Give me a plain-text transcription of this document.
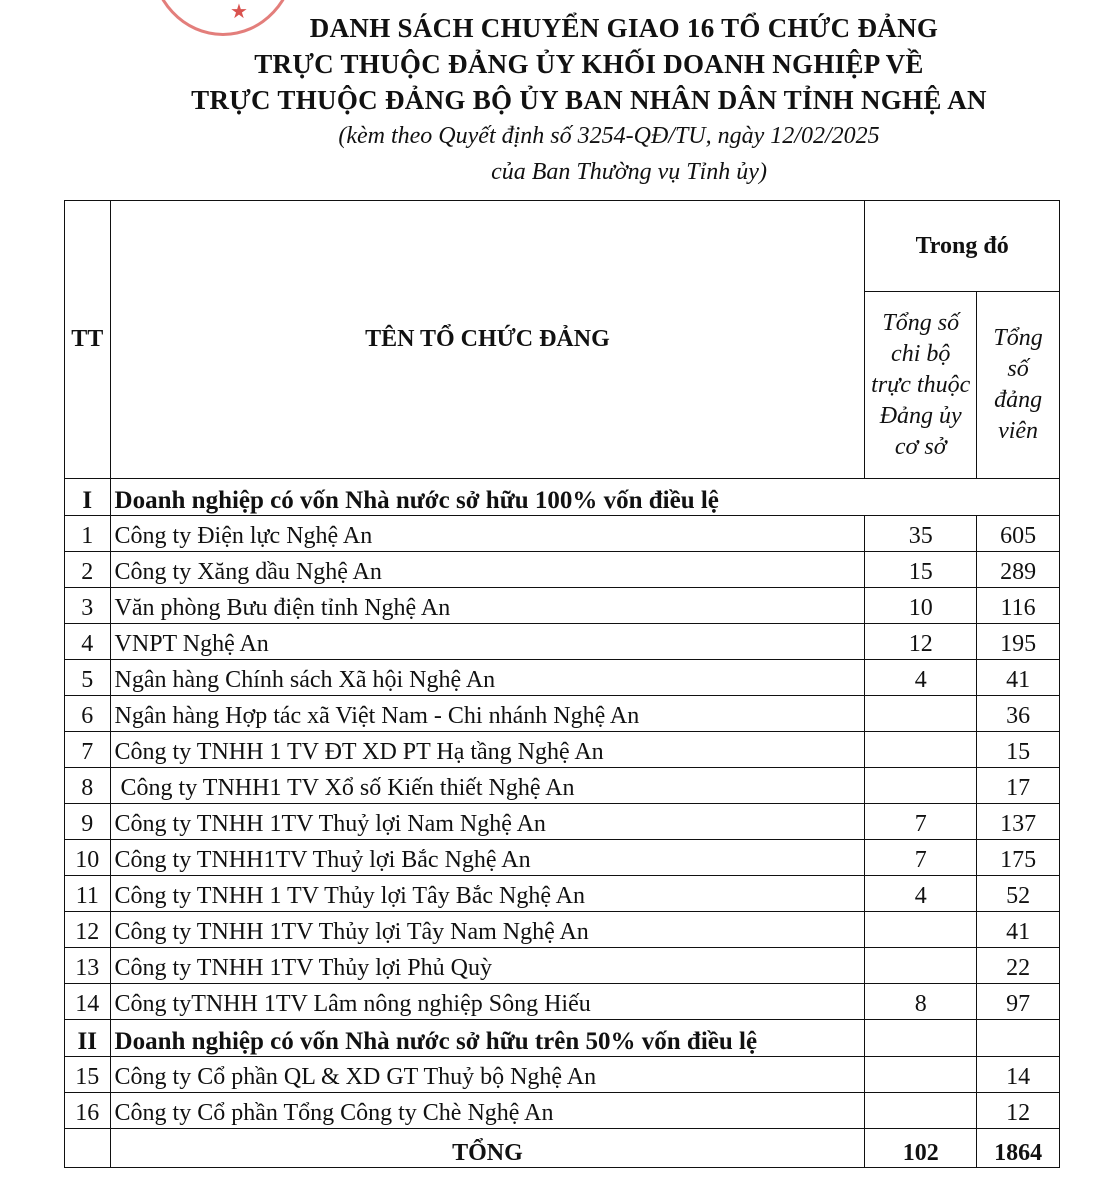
★
DANH SÁCH CHUYỂN GIAO 16 TỔ CHỨC ĐẢNG
TRỰC THUỘC ĐẢNG ỦY KHỐI DOANH NGHIỆP VỀ
TRỰC THUỘC ĐẢNG BỘ ỦY BAN NHÂN DÂN TỈNH NGHỆ AN
(kèm theo Quyết định số 3254-QĐ/TU, ngày 12/02/2025
của Ban Thường vụ Tỉnh ủy)
TT	TÊN TỔ CHỨC ĐẢNG	Trong đó	
		Tổng số chi bộ trực thuộc Đảng ủy cơ sở	Tổng số đảng viên
I	Doanh nghiệp có vốn Nhà nước sở hữu 100% vốn điều lệ		
1	Công ty Điện lực Nghệ An	35	605
2	Công ty Xăng dầu Nghệ An	15	289
3	Văn phòng Bưu điện tỉnh Nghệ An	10	116
4	VNPT Nghệ An	12	195
5	Ngân hàng Chính sách Xã hội Nghệ An	4	41
6	Ngân hàng Hợp tác xã Việt Nam - Chi nhánh Nghệ An		36
7	Công ty TNHH 1 TV ĐT XD PT Hạ tầng Nghệ An		15
8	Công ty TNHH1 TV Xổ số Kiến thiết Nghệ An		17
9	Công ty TNHH 1TV Thuỷ lợi Nam Nghệ An	7	137
10	Công ty TNHH1TV Thuỷ lợi Bắc Nghệ An	7	175
11	Công ty TNHH 1 TV Thủy lợi Tây Bắc Nghệ An	4	52
12	Công ty TNHH 1TV Thủy lợi Tây Nam Nghệ An		41
13	Công ty TNHH 1TV Thủy lợi Phủ Quỳ		22
14	Công tyTNHH 1TV Lâm nông nghiệp Sông Hiếu	8	97
II	Doanh nghiệp có vốn Nhà nước sở hữu trên 50% vốn điều lệ		
15	Công ty Cổ phần QL & XD GT Thuỷ bộ Nghệ An		14
16	Công ty Cổ phần Tổng Công ty Chè Nghệ An		12
	TỔNG	102	1864
